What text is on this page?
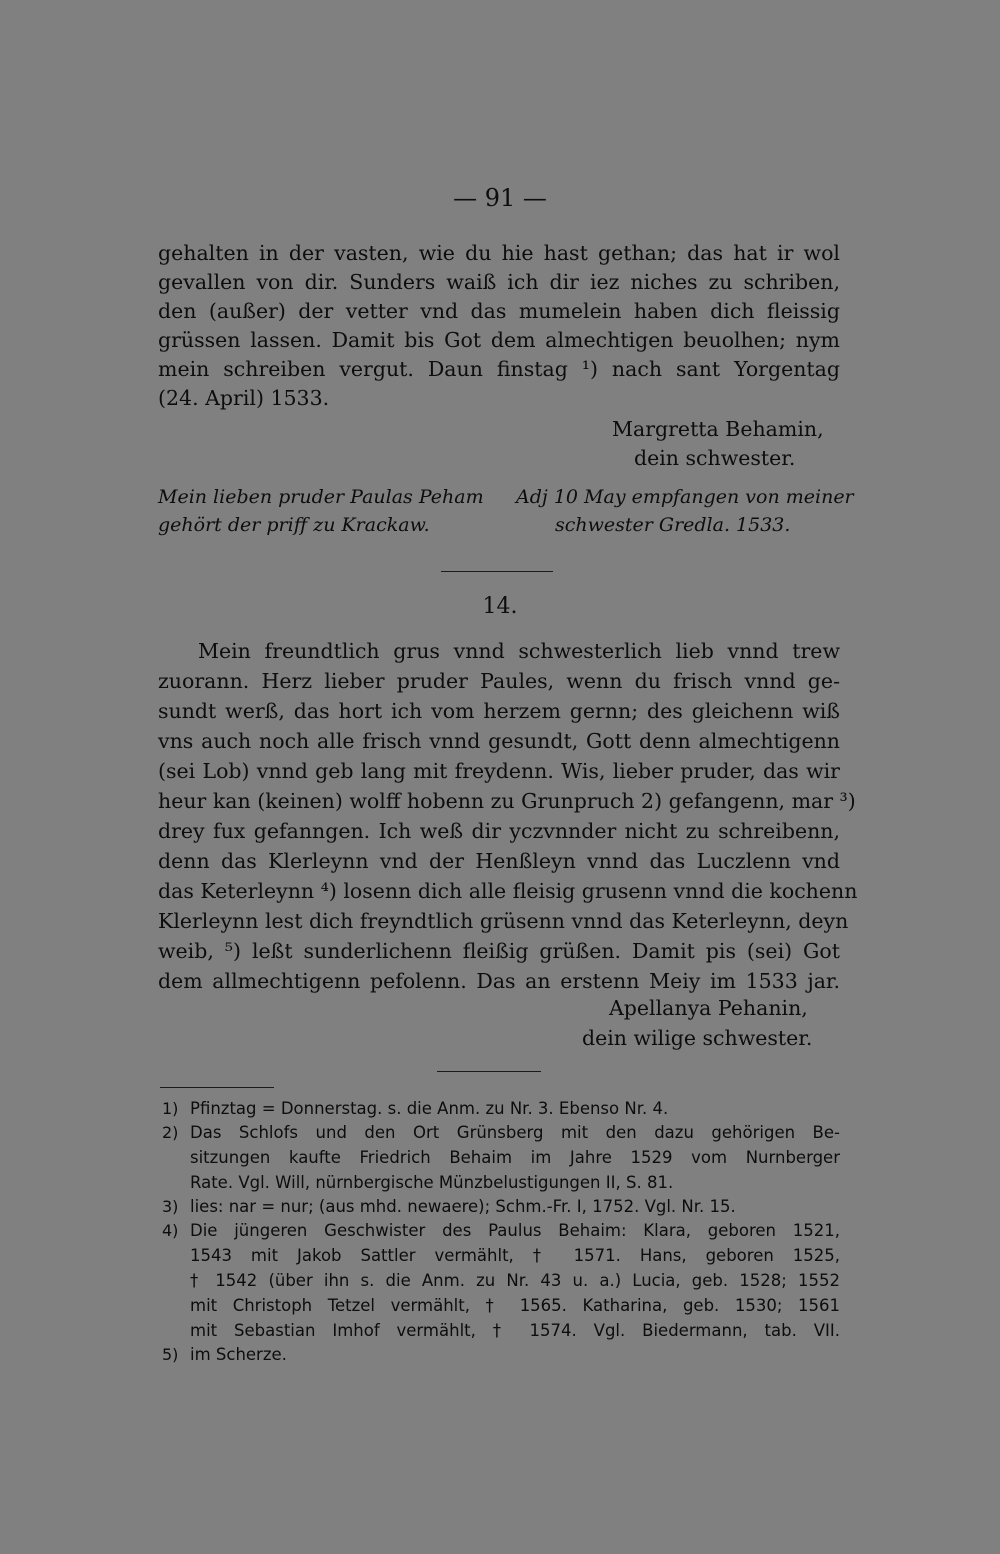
— 91 —
gehalten in der vasten, wie du hie hast gethan; das hat ir wol
gevallen von dir. Sunders waiß ich dir iez niches zu schriben,
den (außer) der vetter vnd das mumelein haben dich fleissig
grüssen lassen. Damit bis Got dem almechtigen beuolhen; nym
mein schreiben vergut. Daun finstag ¹) nach sant Yorgentag
(24. April) 1533.
Margretta Behamin,
dein schwester.
Mein lieben pruder Paulas Peham
gehört der priff zu Krackaw.
Adj 10 May empfangen von meiner
schwester Gredla. 1533.
14.
Mein freundtlich grus vnnd schwesterlich lieb vnnd trew
zuorann. Herz lieber pruder Paules, wenn du frisch vnnd ge-
sundt werß, das hort ich vom herzem gernn; des gleichenn wiß
vns auch noch alle frisch vnnd gesundt, Gott denn almechtigenn
(sei Lob) vnnd geb lang mit freydenn. Wis, lieber pruder, das wir
heur kan (keinen) wolff hobenn zu Grunpruch 2) gefangenn, mar ³)
drey fux gefanngen. Ich weß dir yczvnnder nicht zu schreibenn,
denn das Klerleynn vnd der Henßleyn vnnd das Luczlenn vnd
das Keterleynn ⁴) losenn dich alle fleisig grusenn vnnd die kochenn
Klerleynn lest dich freyndtlich grüsenn vnnd das Keterleynn, deyn
weib, ⁵) leßt sunderlichenn fleißig grüßen. Damit pis (sei) Got
dem allmechtigenn pefolenn. Das an erstenn Meiy im 1533 jar.
Apellanya Pehanin,
dein wilige schwester.
1) Pfinztag = Donnerstag. s. die Anm. zu Nr. 3. Ebenso Nr. 4.
2) Das Schlofs und den Ort Grünsberg mit den dazu gehörigen Be-
sitzungen kaufte Friedrich Behaim im Jahre 1529 vom Nurnberger
Rate. Vgl. Will, nürnbergische Münzbelustigungen II, S. 81.
3) lies: nar = nur; (aus mhd. newaere); Schm.-Fr. I, 1752. Vgl. Nr. 15.
4) Die jüngeren Geschwister des Paulus Behaim: Klara, geboren 1521,
1543 mit Jakob Sattler vermählt, † 1571. Hans, geboren 1525,
† 1542 (über ihn s. die Anm. zu Nr. 43 u. a.) Lucia, geb. 1528; 1552
mit Christoph Tetzel vermählt, † 1565. Katharina, geb. 1530; 1561
mit Sebastian Imhof vermählt, † 1574. Vgl. Biedermann, tab. VII.
5) im Scherze.
